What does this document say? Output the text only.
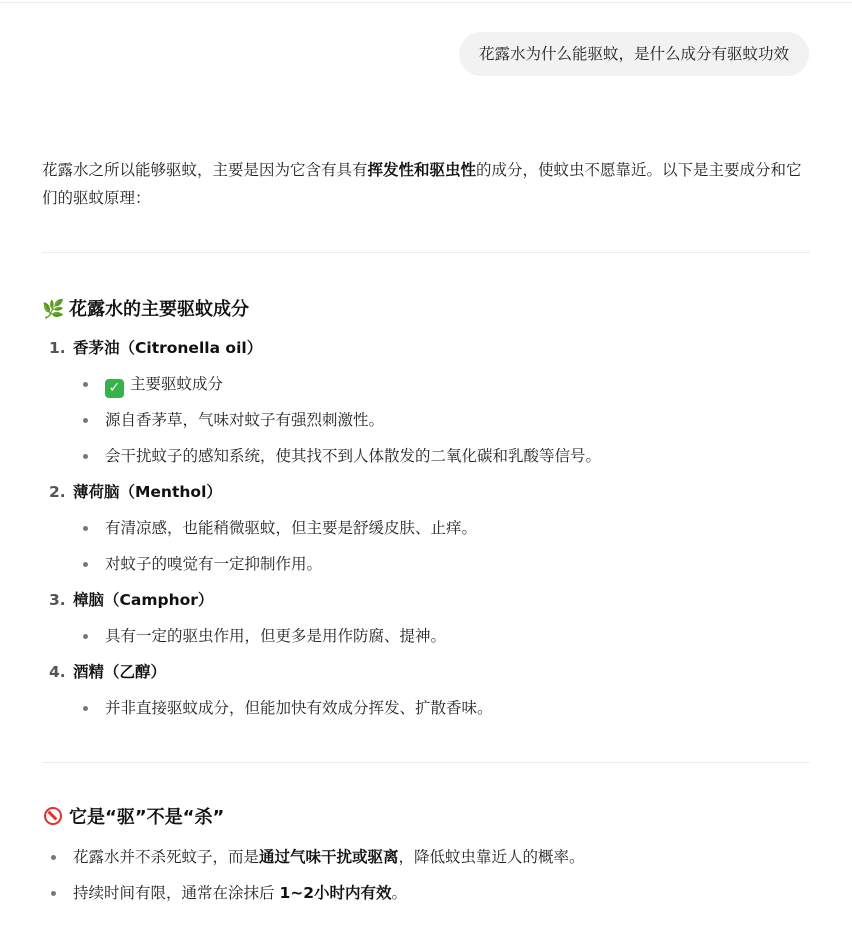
花露水为什么能驱蚊，是什么成分有驱蚊功效

花露水之所以能够驱蚊，主要是因为它含有具有挥发性和驱虫性的成分，使蚊虫不愿靠近。以下是主要成分和它们的驱蚊原理：

🌿 花露水的主要驱蚊成分
1. 香茅油（Citronella oil）
✓ 主要驱蚊成分
源自香茅草，气味对蚊子有强烈刺激性。
会干扰蚊子的感知系统，使其找不到人体散发的二氧化碳和乳酸等信号。
2. 薄荷脑（Menthol）
有清凉感，也能稍微驱蚊，但主要是舒缓皮肤、止痒。
对蚊子的嗅觉有一定抑制作用。
3. 樟脑（Camphor）
具有一定的驱虫作用，但更多是用作防腐、提神。
4. 酒精（乙醇）
并非直接驱蚊成分，但能加快有效成分挥发、扩散香味。
它是“驱”不是“杀”
花露水并不杀死蚊子，而是通过气味干扰或驱离，降低蚊虫靠近人的概率。
持续时间有限，通常在涂抹后 1~2小时内有效。
